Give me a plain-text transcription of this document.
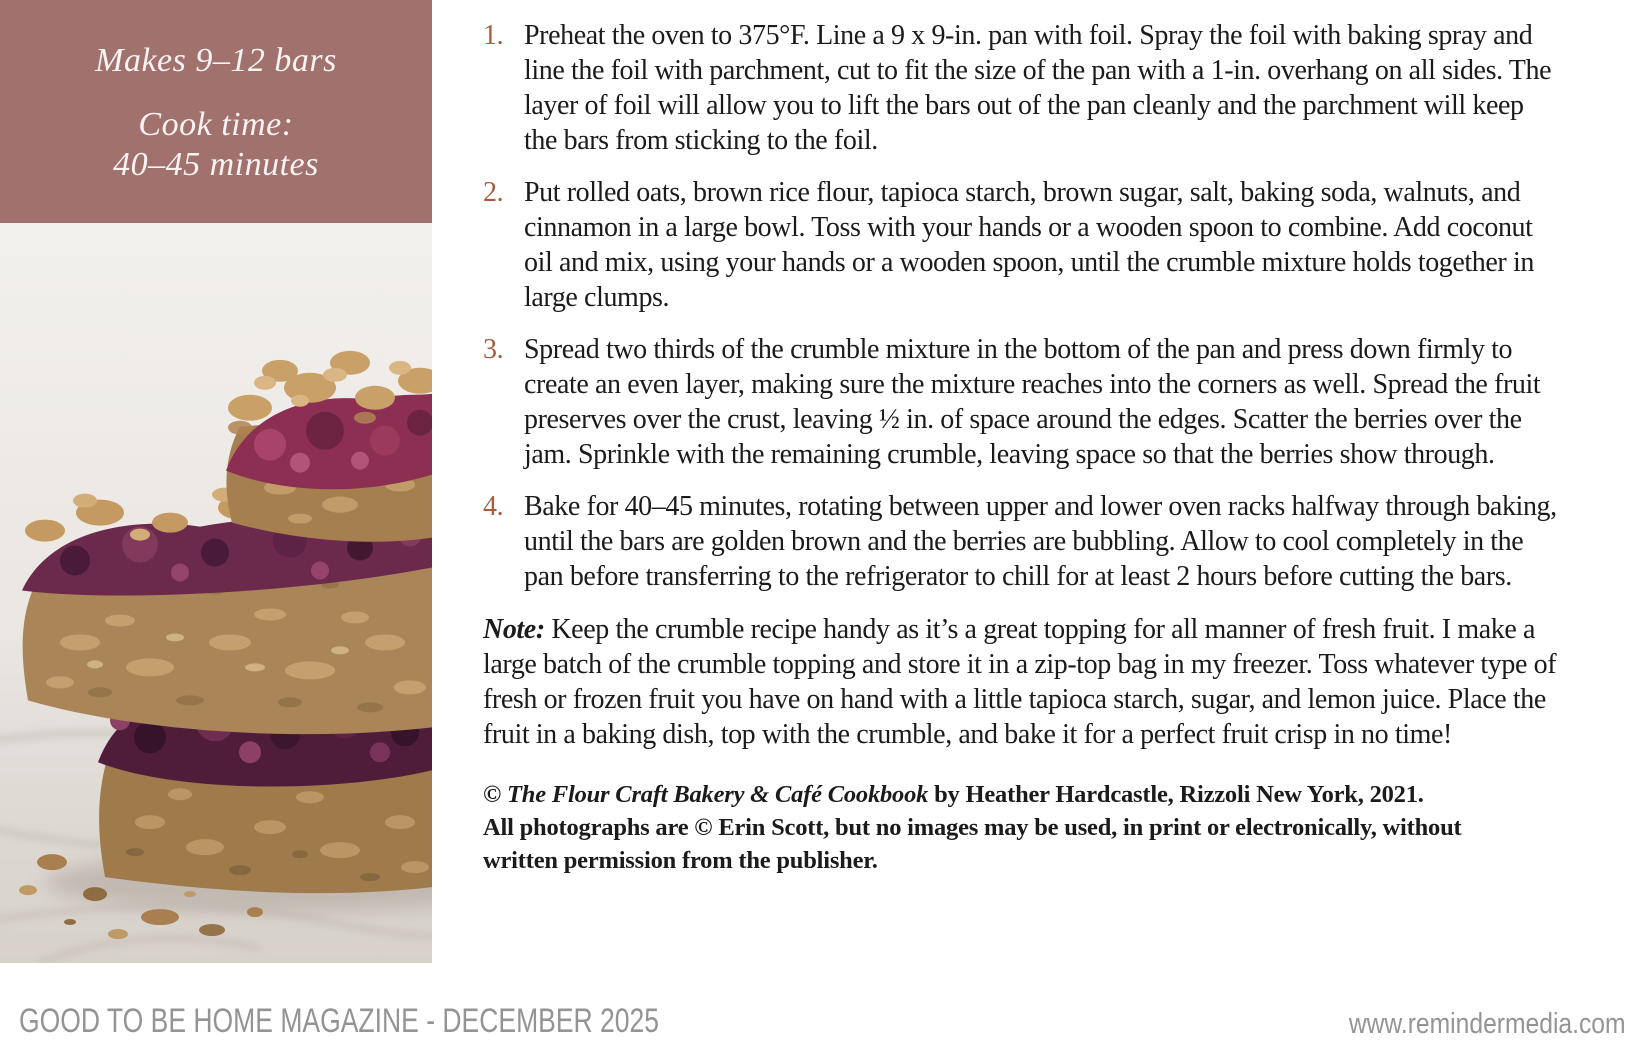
Makes 9–12 bars

Cook time:

40–45 minutes

1. Preheat the oven to 375°F. Line a 9 x 9-in. pan with foil. Spray the foil with baking spray and line the foil with parchment, cut to fit the size of the pan with a 1-in. overhang on all sides. The layer of foil will allow you to lift the bars out of the pan cleanly and the parchment will keep the bars from sticking to the foil.

2. Put rolled oats, brown rice flour, tapioca starch, brown sugar, salt, baking soda, walnuts, and cinnamon in a large bowl. Toss with your hands or a wooden spoon to combine. Add coconut oil and mix, using your hands or a wooden spoon, until the crumble mixture holds together in large clumps.

3. Spread two thirds of the crumble mixture in the bottom of the pan and press down firmly to create an even layer, making sure the mixture reaches into the corners as well. Spread the fruit preserves over the crust, leaving ½ in. of space around the edges. Scatter the berries over the jam. Sprinkle with the remaining crumble, leaving space so that the berries show through.

4. Bake for 40–45 minutes, rotating between upper and lower oven racks halfway through baking, until the bars are golden brown and the berries are bubbling. Allow to cool completely in the pan before transferring to the refrigerator to chill for at least 2 hours before cutting the bars.

Note: Keep the crumble recipe handy as it’s a great topping for all manner of fresh fruit. I make a large batch of the crumble topping and store it in a zip-top bag in my freezer. Toss whatever type of fresh or frozen fruit you have on hand with a little tapioca starch, sugar, and lemon juice. Place the fruit in a baking dish, top with the crumble, and bake it for a perfect fruit crisp in no time!

© The Flour Craft Bakery & Café Cookbook by Heather Hardcastle, Rizzoli New York, 2021.

All photographs are © Erin Scott, but no images may be used, in print or electronically, without written permission from the publisher.

GOOD TO BE HOME MAGAZINE - DECEMBER 2025	www.remindermedia.com
